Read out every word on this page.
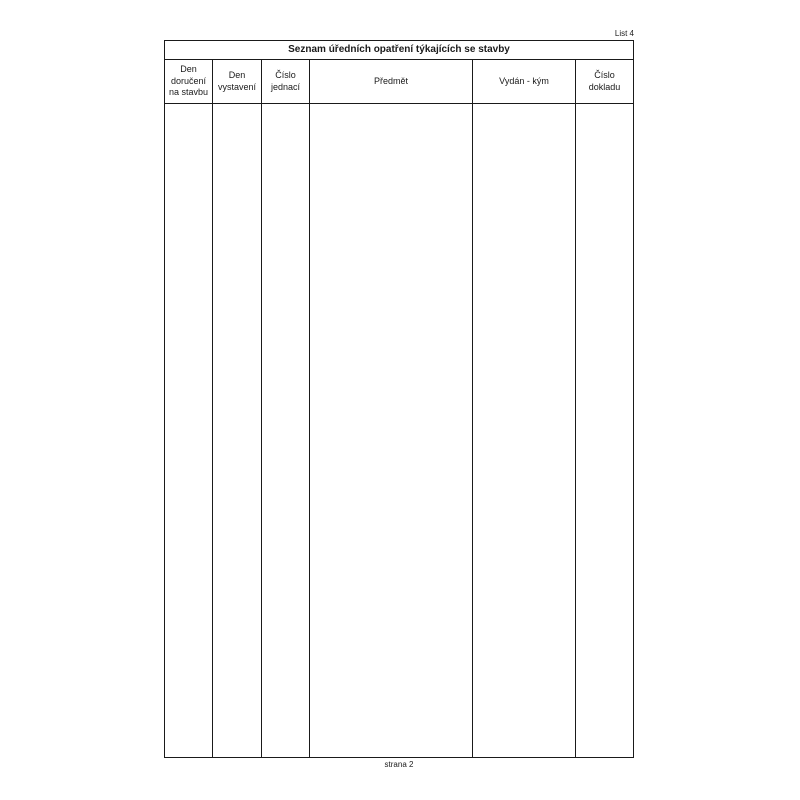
List 4
Seznam úředních opatření týkajících se stavby
Den
doručení
na stavbu
Den
vystavení
Číslo
jednací
Předmět	Vydán - kým
Číslo
dokladu
strana 2
